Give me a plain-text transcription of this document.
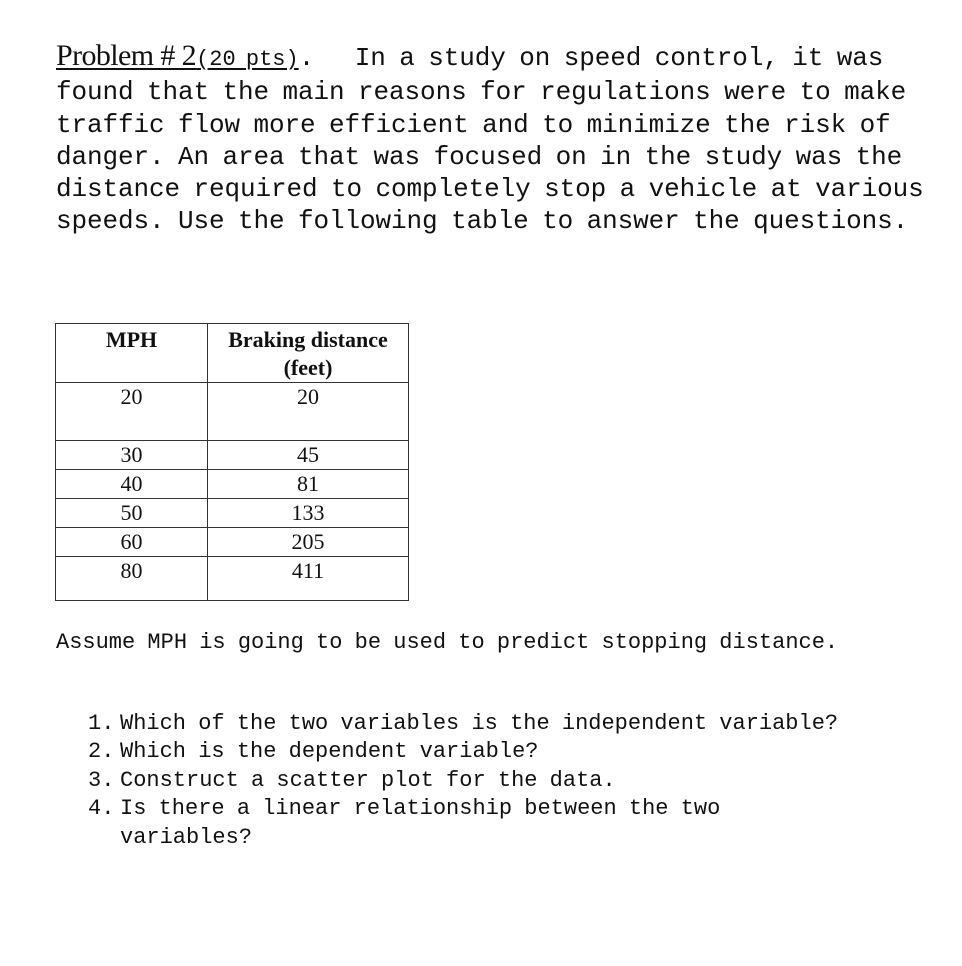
Problem # 2(20 pts). In a study on speed control, it was found that the main reasons for regulations were to make traffic flow more efficient and to minimize the risk of danger. An area that was focused on in the study was the distance required to completely stop a vehicle at various speeds. Use the following table to answer the questions.
MPH	Braking distance (feet)
20	20
30	45
40	81
50	133
60	205
80	411
Assume MPH is going to be used to predict stopping distance.
1. Which of the two variables is the independent variable?
2. Which is the dependent variable?
3. Construct a scatter plot for the data.
4. Is there a linear relationship between the two variables?
